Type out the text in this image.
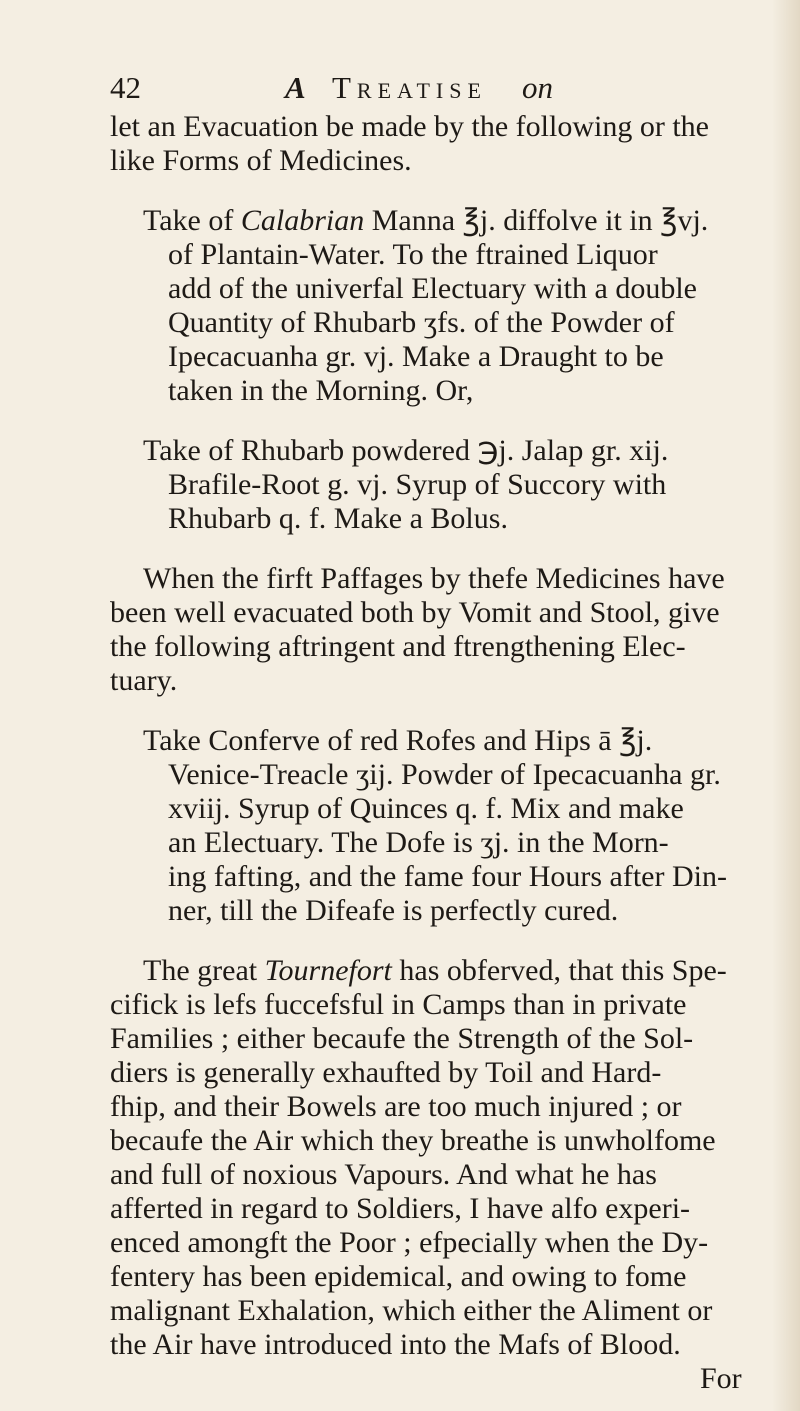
42	A Treatise on
let an Evacuation be made by the following or the
like Forms of Medicines.
Take of Calabrian Manna ℥j. diffolve it in ℥vj.
of Plantain-Water. To the ftrained Liquor
add of the univerfal Electuary with a double
Quantity of Rhubarb ʒfs. of the Powder of
Ipecacuanha gr. vj. Make a Draught to be
taken in the Morning. Or,
Take of Rhubarb powdered ℈j. Jalap gr. xij.
Brafile-Root g. vj. Syrup of Succory with
Rhubarb q. f. Make a Bolus.
When the firft Paffages by thefe Medicines have
been well evacuated both by Vomit and Stool, give
the following aftringent and ftrengthening Elec-
tuary.
Take Conferve of red Rofes and Hips ā ℥j.
Venice-Treacle ʒij. Powder of Ipecacuanha gr.
xviij. Syrup of Quinces q. f. Mix and make
an Electuary. The Dofe is ʒj. in the Morn-
ing fafting, and the fame four Hours after Din-
ner, till the Difeafe is perfectly cured.
The great Tournefort has obferved, that this Spe-
cifick is lefs fuccefsful in Camps than in private
Families ; either becaufe the Strength of the Sol-
diers is generally exhaufted by Toil and Hard-
fhip, and their Bowels are too much injured ; or
becaufe the Air which they breathe is unwholfome
and full of noxious Vapours. And what he has
afferted in regard to Soldiers, I have alfo experi-
enced amongft the Poor ; efpecially when the Dy-
fentery has been epidemical, and owing to fome
malignant Exhalation, which either the Aliment or
the Air have introduced into the Mafs of Blood.
For
